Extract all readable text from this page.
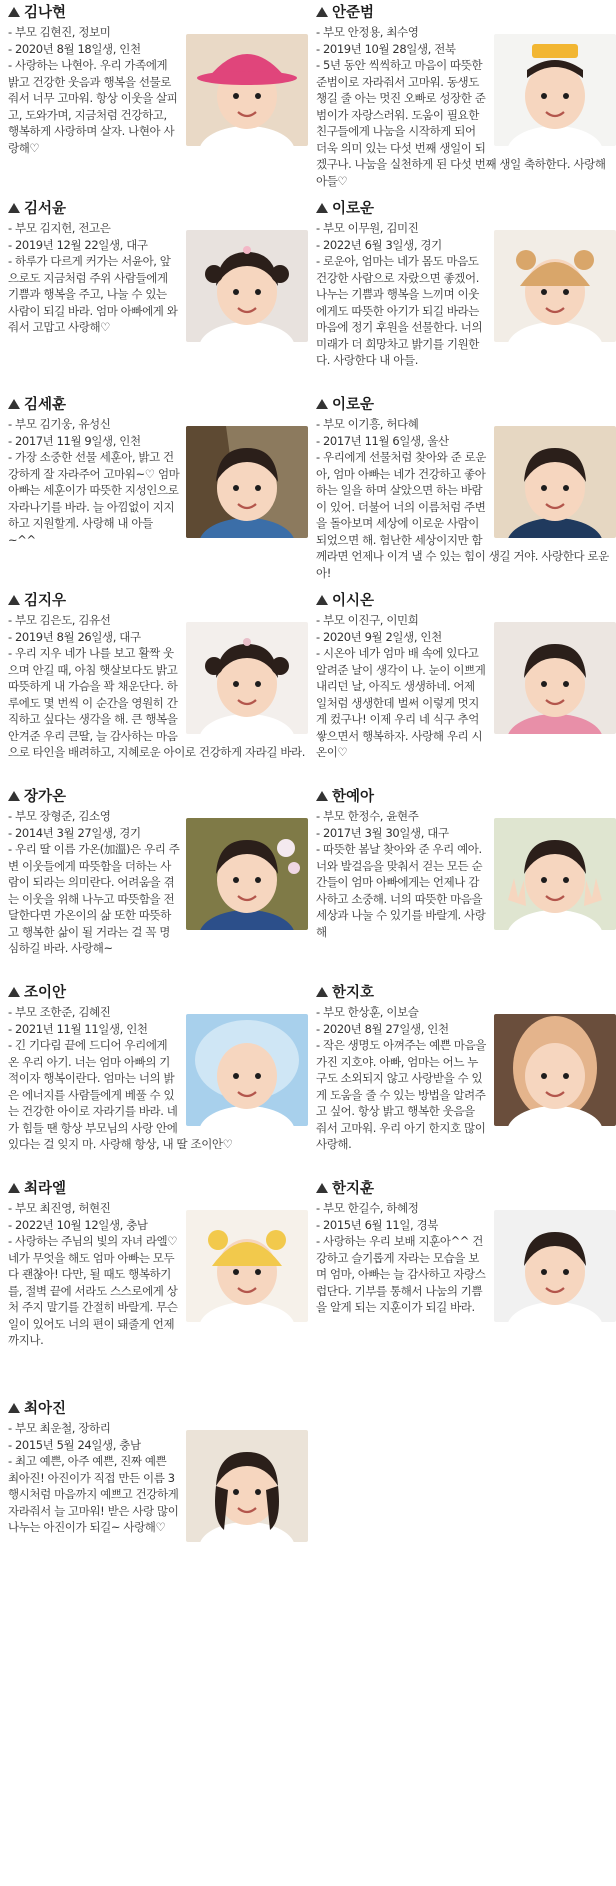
김나현
- 부모 김현진, 정보미
- 2020년 8월 18일생, 인천
- 사랑하는 나현아. 우리 가족에게 밝고 건강한 웃음과 행복을 선물로 줘서 너무 고마워. 항상 이웃을 살피고, 도와가며, 지금처럼 건강하고, 행복하게 사랑하며 살자. 나현아 사랑해♡
안준범
- 부모 안정용, 최수영
- 2019년 10월 28일생, 전북
- 5년 동안 씩씩하고 마음이 따뜻한 준범이로 자라줘서 고마워. 동생도 챙길 줄 아는 멋진 오빠로 성장한 준범이가 자랑스러워. 도움이 필요한 친구들에게 나눔을 시작하게 되어 더욱 의미 있는 다섯 번째 생일이 되겠구나. 나눔을 실천하게 된 다섯 번째 생일 축하한다. 사랑해 아들♡
김서윤
- 부모 김지헌, 전고은
- 2019년 12월 22일생, 대구
- 하루가 다르게 커가는 서윤아, 앞으로도 지금처럼 주위 사람들에게 기쁨과 행복을 주고, 나눌 수 있는 사람이 되길 바라. 엄마 아빠에게 와줘서 고맙고 사랑해♡
이로운
- 부모 이무원, 김미진
- 2022년 6월 3일생, 경기
- 로운아, 엄마는 네가 몸도 마음도 건강한 사람으로 자랐으면 좋겠어. 나누는 기쁨과 행복을 느끼며 이웃에게도 따뜻한 아기가 되길 바라는 마음에 정기 후원을 선물한다. 너의 미래가 더 희망차고 밝기를 기원한다. 사랑한다 내 아들.
김세훈
- 부모 김기웅, 유성신
- 2017년 11월 9일생, 인천
- 가장 소중한 선물 세훈아, 밝고 건강하게 잘 자라주어 고마워~♡ 엄마 아빠는 세훈이가 따뜻한 지성인으로 자라나기를 바라. 늘 아낌없이 지지하고 지원할게. 사랑해 내 아들~^^
이로운
- 부모 이기흥, 허다혜
- 2017년 11월 6일생, 울산
- 우리에게 선물처럼 찾아와 준 로운아, 엄마 아빠는 네가 건강하고 좋아하는 일을 하며 살았으면 하는 바람이 있어. 더불어 너의 이름처럼 주변을 돌아보며 세상에 이로운 사람이 되었으면 해. 험난한 세상이지만 함께라면 언제나 이겨 낼 수 있는 힘이 생길 거야. 사랑한다 로운아!
김지우
- 부모 김은도, 김유선
- 2019년 8월 26일생, 대구
- 우리 지우 네가 나를 보고 활짝 웃으며 안길 때, 아침 햇살보다도 밝고 따뜻하게 내 가슴을 꽉 채운단다. 하루에도 몇 번씩 이 순간을 영원히 간직하고 싶다는 생각을 해. 큰 행복을 안겨준 우리 큰딸, 늘 감사하는 마음으로 타인을 배려하고, 지혜로운 아이로 건강하게 자라길 바라.
이시온
- 부모 이진구, 이민희
- 2020년 9월 2일생, 인천
- 시온아 네가 엄마 배 속에 있다고 알려준 날이 생각이 나. 눈이 이쁘게 내리던 날, 아직도 생생하네. 어제 일처럼 생생한데 벌써 이렇게 멋지게 컸구나! 이제 우리 네 식구 추억 쌓으면서 행복하자. 사랑해 우리 시온이♡
장가온
- 부모 장형준, 김소영
- 2014년 3월 27일생, 경기
- 우리 딸 이름 가온(加溫)은 우리 주변 이웃들에게 따뜻함을 더하는 사람이 되라는 의미란다. 어려움을 겪는 이웃을 위해 나누고 따뜻함을 전달한다면 가온이의 삶 또한 따뜻하고 행복한 삶이 될 거라는 걸 꼭 명심하길 바라. 사랑해~
한예아
- 부모 한정수, 윤현주
- 2017년 3월 30일생, 대구
- 따뜻한 봄날 찾아와 준 우리 예아. 너와 발걸음을 맞춰서 걷는 모든 순간들이 엄마 아빠에게는 언제나 감사하고 소중해. 너의 따뜻한 마음을 세상과 나눌 수 있기를 바랄게. 사랑해
조이안
- 부모 조한준, 김혜진
- 2021년 11월 11일생, 인천
- 긴 기다림 끝에 드디어 우리에게 온 우리 아기. 너는 엄마 아빠의 기적이자 행복이란다. 엄마는 너의 밝은 에너지를 사람들에게 베풀 수 있는 건강한 아이로 자라기를 바라. 네가 힘들 땐 항상 부모님의 사랑 안에 있다는 걸 잊지 마. 사랑해 항상, 내 딸 조이안♡
한지호
- 부모 한상훈, 이보슬
- 2020년 8월 27일생, 인천
- 작은 생명도 아껴주는 예쁜 마음을 가진 지호야. 아빠, 엄마는 어느 누구도 소외되지 않고 사랑받을 수 있게 도움을 줄 수 있는 방법을 알려주고 싶어. 항상 밝고 행복한 웃음을 줘서 고마워. 우리 아기 한지호 많이 사랑해.
최라엘
- 부모 최진영, 허현진
- 2022년 10월 12일생, 충남
- 사랑하는 주님의 빛의 자녀 라엘♡ 네가 무엇을 해도 엄마 아빠는 모두 다 괜찮아! 다만, 될 때도 행복하기를, 절벽 끝에 서라도 스스로에게 상처 주지 말기를 간절히 바랄게. 무슨 일이 있어도 너의 편이 돼줄게 언제까지나.
한지훈
- 부모 한길수, 하혜정
- 2015년 6월 11일, 경북
- 사랑하는 우리 보배 지훈아^^ 건강하고 슬기롭게 자라는 모습을 보며 엄마, 아빠는 늘 감사하고 자랑스럽단다. 기부를 통해서 나눔의 기쁨을 알게 되는 지훈이가 되길 바라.
최아진
- 부모 최운철, 장하리
- 2015년 5월 24일생, 충남
- 최고 예쁜, 아주 예쁜, 진짜 예쁜 최아진! 아진이가 직접 만든 이름 3행시처럼 마음까지 예쁘고 건강하게 자라줘서 늘 고마워! 받은 사랑 많이 나누는 아진이가 되길~ 사랑해♡
